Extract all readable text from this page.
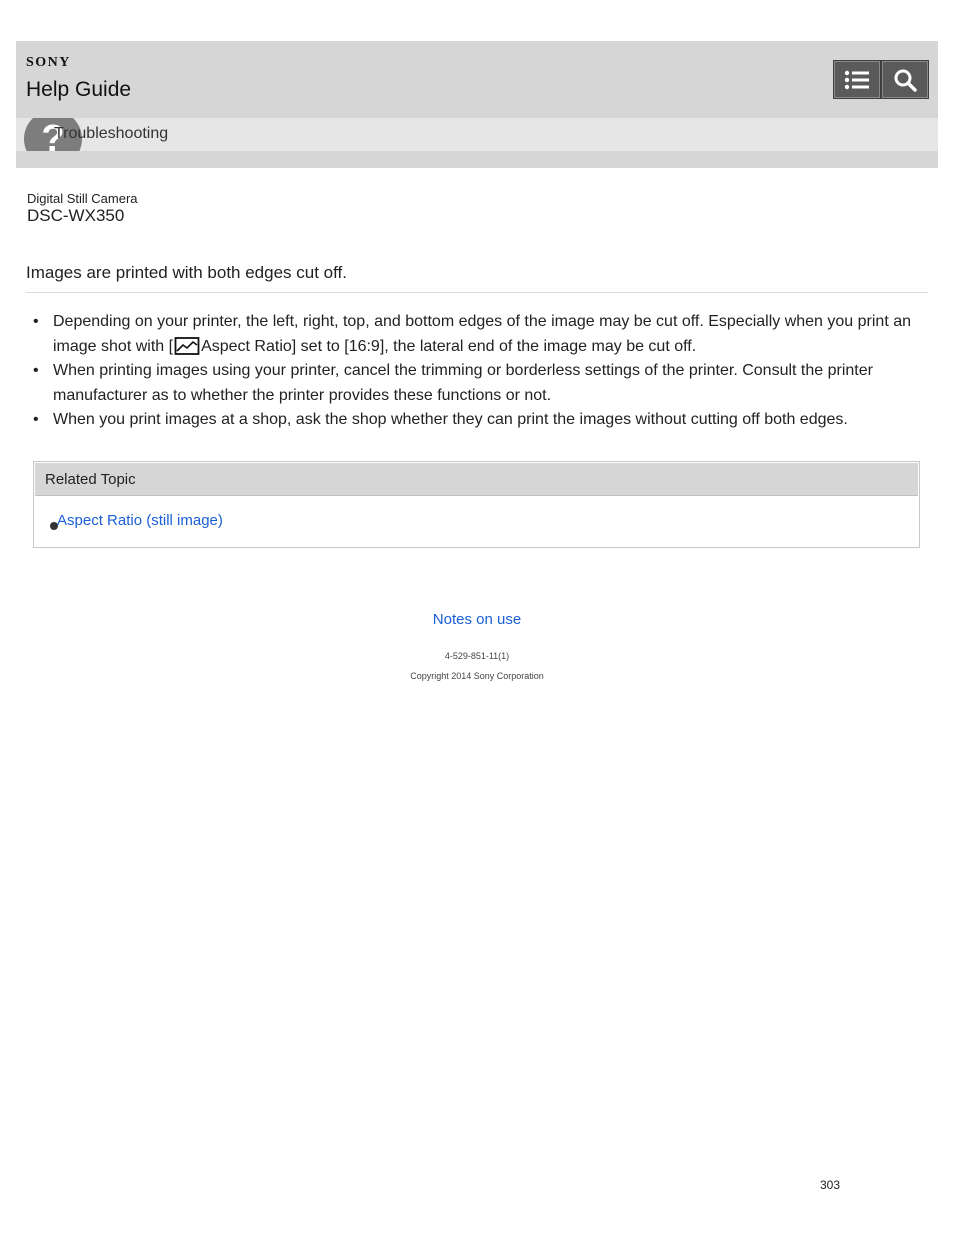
SONY
Help Guide
?
Troubleshooting
Digital Still Camera
DSC-WX350
Images are printed with both edges cut off.
• Depending on your printer, the left, right, top, and bottom edges of the image may be cut off. Especially when you print an image shot with [ Aspect Ratio] set to [16:9], the lateral end of the image may be cut off.
• When printing images using your printer, cancel the trimming or borderless settings of the printer. Consult the printer manufacturer as to whether the printer provides these functions or not.
• When you print images at a shop, ask the shop whether they can print the images without cutting off both edges.
Related Topic
Aspect Ratio (still image)
Notes on use
4-529-851-11(1)
Copyright 2014 Sony Corporation
303
